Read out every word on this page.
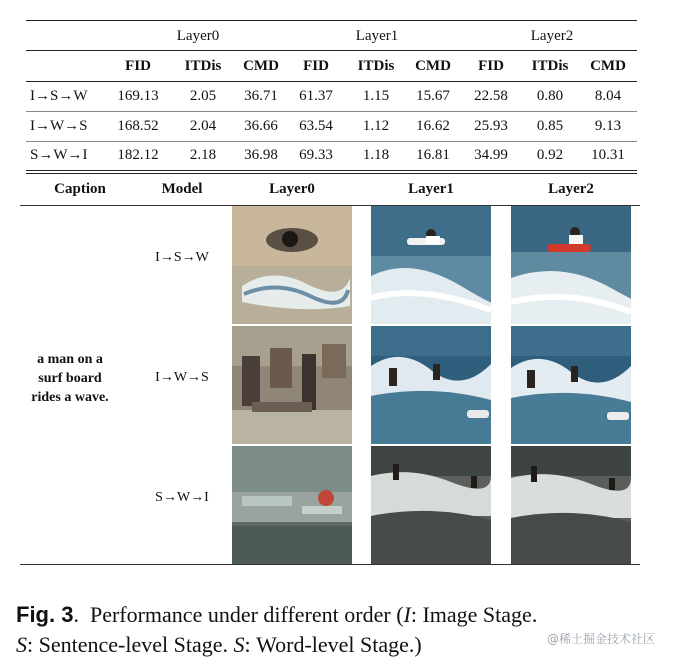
Layer0	Layer1	Layer2
FID	ITDis	CMD	FID	ITDis	CMD	FID	ITDis	CMD
I→S→W	169.13	2.05	36.71	61.37	1.15	15.67	22.58	0.80	8.04
I→W→S	168.52	2.04	36.66	63.54	1.12	16.62	25.93	0.85	9.13
S→W→I	182.12	2.18	36.98	69.33	1.18	16.81	34.99	0.92	10.31
Caption	Model	Layer0	Layer1	Layer2
a man on a
surf board
rides a wave.
I→S→W
I→W→S
S→W→I
Fig. 3.  Performance under different order (I: Image Stage.
S: Sentence-level Stage. S: Word-level Stage.)	@稀土掘金技术社区
